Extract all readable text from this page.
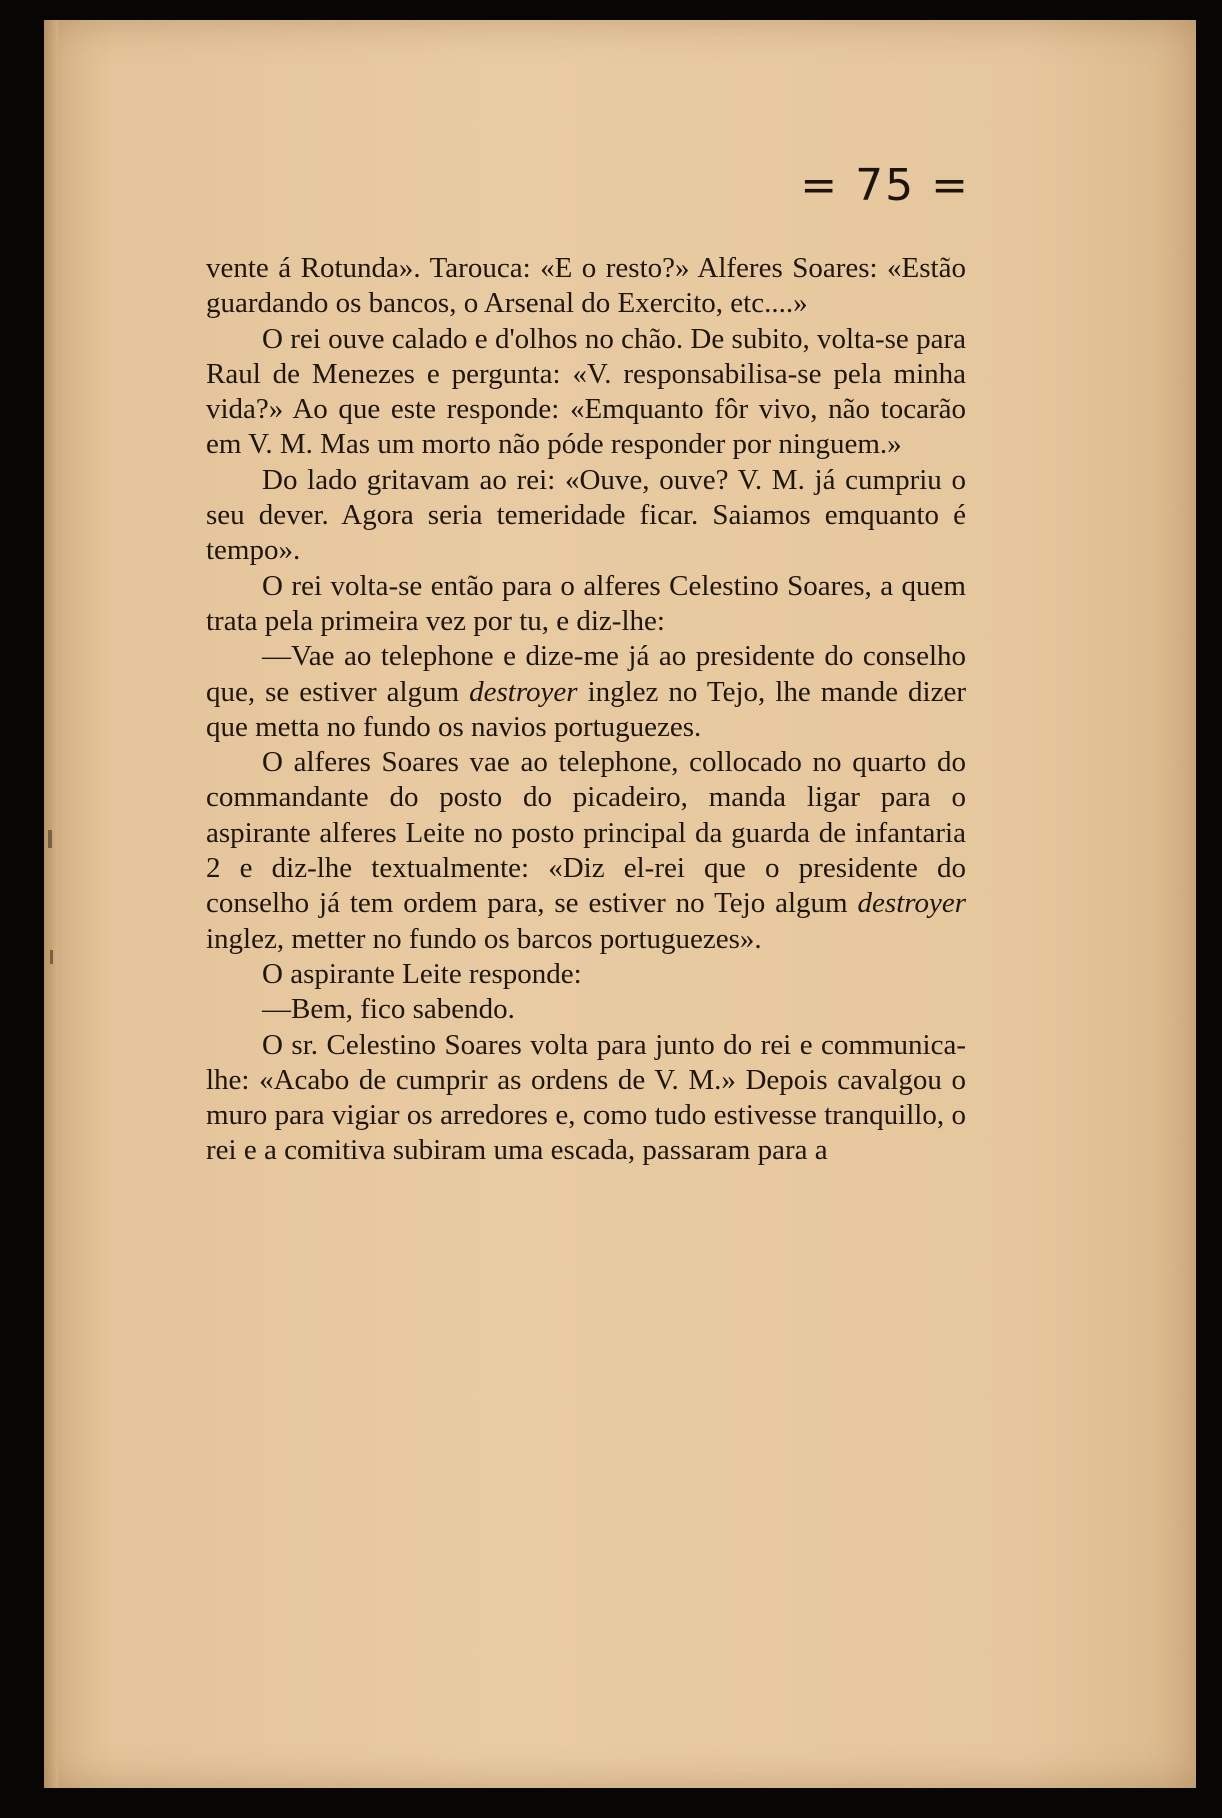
= 75 =

vente á Rotunda». Tarouca: «E o resto?» Alferes Soares: «Estão guardando os bancos, o Arsenal do Exercito, etc....»

O rei ouve calado e d'olhos no chão. De subito, volta-se para Raul de Menezes e pergunta: «V. responsabilisa-se pela minha vida?» Ao que este responde: «Emquanto fôr vivo, não tocarão em V. M. Mas um morto não póde responder por ninguem.»

Do lado gritavam ao rei: «Ouve, ouve? V. M. já cumpriu o seu dever. Agora seria temeridade ficar. Saiamos emquanto é tempo».

O rei volta-se então para o alferes Celestino Soares, a quem trata pela primeira vez por tu, e diz-lhe:

—Vae ao telephone e dize-me já ao presidente do conselho que, se estiver algum destroyer inglez no Tejo, lhe mande dizer que metta no fundo os navios portuguezes.

O alferes Soares vae ao telephone, collocado no quarto do commandante do posto do picadeiro, manda ligar para o aspirante alferes Leite no posto principal da guarda de infantaria 2 e diz-lhe textualmente: «Diz el-rei que o presidente do conselho já tem ordem para, se estiver no Tejo algum destroyer inglez, metter no fundo os barcos portuguezes».

O aspirante Leite responde:

—Bem, fico sabendo.

O sr. Celestino Soares volta para junto do rei e communica-lhe: «Acabo de cumprir as ordens de V. M.» Depois cavalgou o muro para vigiar os arredores e, como tudo estivesse tranquillo, o rei e a comitiva subiram uma escada, passaram para a
